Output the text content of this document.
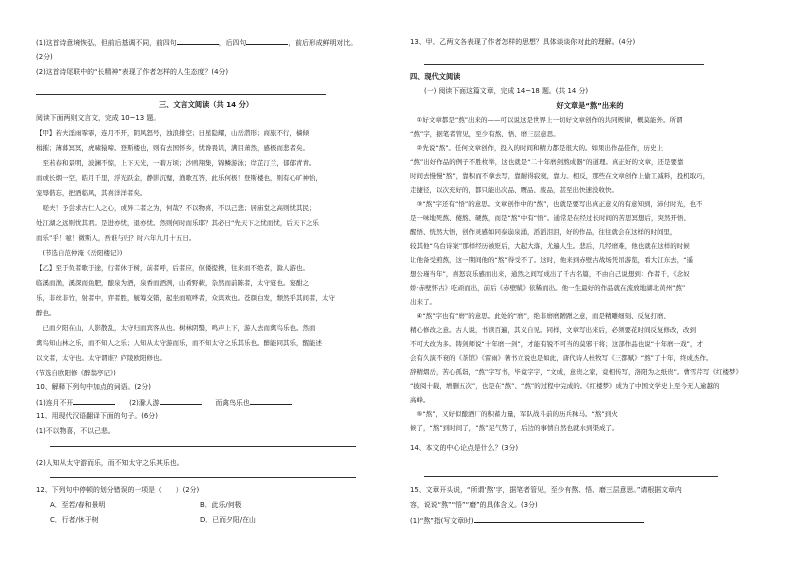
(1)这首诗意境恢弘，但前后基调不同，前四句	，后四句	，前后形成鲜明对比。
(2分)
(2)这首诗尾联中的“长精神”表现了作者怎样的人生态度？(4分)
三、文言文阅读（共 14 分）
阅读下面两则文言文，完成 10~13 题。
【甲】若夫淫雨霏霏，连月不开，阴风怒号，浊浪排空；日星隐耀，山岳潜形；商旅不行，樯倾
楫摧；薄暮冥冥，虎啸猿啼。登斯楼也，则有去国怀乡，忧谗畏讥，满目萧然，感极而悲者矣。
　至若春和景明，波澜不惊，上下天光，一碧万顷；沙鸥翔集，锦鳞游泳；岸芷汀兰，郁郁青青。
而或长烟一空，皓月千里，浮光跃金，静影沉璧，渔歌互答，此乐何极！登斯楼也，则有心旷神怡，
宠辱偕忘，把酒临风，其喜洋洋者矣。
　嗟夫！予尝求古仁人之心，或异二者之为，何哉？不以物喜，不以己悲；居庙堂之高则忧其民；
处江湖之远则忧其君。是进亦忧，退亦忧。然则何时而乐耶？其必曰“先天下之忧而忧，后天下之乐
而乐”乎！噫！微斯人，吾谁与归？时六年九月十五日。
　(节选自范仲淹《岳阳楼记》)
【乙】至于负者歌于途，行者休于树，前者呼，后者应，伛偻提携，往来而不绝者，滁人游也。
临溪而渔，溪深而鱼肥，酿泉为酒，泉香而酒洌，山肴野蔌，杂然而前陈者，太守宴也。宴酣之
乐，非丝非竹，射者中，弈者胜，觥筹交错，起坐而喧哗者，众宾欢也。苍颜白发，颓然乎其间者，太守
醉也。
　已而夕阳在山，人影散乱，太守归而宾客从也。树林阴翳，鸣声上下，游人去而禽鸟乐也。然而
禽鸟知山林之乐，而不知人之乐；人知从太守游而乐，而不知太守之乐其乐也。醉能同其乐，醒能述
以文者，太守也。太守谓谁？庐陵欧阳修也。
(节选自欧阳修《醉翁亭记》)
10、解释下列句中加点的词语。(2分)
(1)连月不开　　	(2)滁人游	　　而禽鸟乐也
11、用现代汉语翻译下面的句子。(6分)
(1)不以物喜，不以己悲。
(2)人知从太守游而乐，而不知太守之乐其乐也。
12、下列句中停顿的划分错误的一项是（　　）(2分)
A．至若/春和景明	B．此乐/何极
C．行者/休于树	D．已而夕阳/在山
13、甲、乙两文各表现了作者怎样的思想？具体谈谈你对此的理解。(4分)
四、现代文阅读
(一) 阅读下面这篇文章，完成 14~18 题。(共 14 分)
好文章是“熬”出来的
　①好文章都是“熬”出来的——可以说这是世界上一切好文章创作的共同规律，概莫能外。所谓
“熬”字，据笔者管见，至少有熬、悟、磨三层意思。
　②先说“熬”。任何文章创作，投入的时间和精力都是很大的。如果出作品佳作，历史上
“熬”出好作品的例子不胜枚举，这也就是“二十年磨剑熬成器”的道理。真正好的文章，还是要靠
时间去慢慢“熬”，靠积而不拿去写，靠耐得寂寞，靠力。相反，那些在文章创作上偷工减料，投机取巧，
走捷径，以次充好的，都只能出次品、赝品、废品，甚至出快速没收快。
　③“熬”字还有“悟”的意思。文章创作中的“熬”，也就是要写出真正意义的有意知到，沛付时光，也不
是一味地死熬、傻熬、硬熬，而是“熬”中有“悟”。通常是在经过长时间的苦思冥想后，突然开悟、
醒悟、恍然大悟，创作灵感如同泰崩泉涌，滔滔泪泪，好的作品，往往就会在这样的时间里，
较其他“乌台诗案”那样经历被贬后，大起大落，尤遍人生。悲后，几经磨难，他也就在这样的时候
让他备受煎熬，这一期间他的“熬”得受不了。这时，他来到赤壁古战场凭吊游览，看大江东去，“遥
想公瑾当年”，喜怒哀乐感而出来，通然之间写成出了千古名篇，不由自己说想到：作者千，《念奴
娇·赤壁怀古》吃顽而出，前后《赤壁赋》依稀而出。他一生最好的作品就在流放地湖北黄州“熬”
出来了。
　④“熬”字也有“磨”的意思。此处的“磨”，绝非磨磨蹭蹭之意，而是精雕细刻、反复打磨、
精心修改之意。古人说，书读百遍，其义自见。同样，文章写出来后，必须要花时间反复修改，改到
不可大改为多。铸剑师说“十年磨一剑”，才能有锐不可当的莫邪干将；这部作品也说“十年磨一戏”，才
会有久演不衰的《茶馆》《雷雨》著书立说也是如此，唐代诗人杜牧写《三都赋》“熬”了十年，终成杰作。
辞精熠岳，苦心孤诣，“熬”字写书，毕竟字宇，“文成，意贵之家，竟相传写，洛阳为之纸贵”。曹雪芹写《红楼梦》
“披阅十载，增删五次”，也是在“熬”、“熬”的过程中完成的。《红楼梦》成为了中国文学史上至今无人逾越的
高峰。
　⑤“熬”，又好似酿酒厂的积蓄力量，军队战斗前的历兵秣马。“熬”到火
候了，“熬”到时间了，“熬”足气势了，后边的事情自然也就水到渠成了。
14、本文的中心论点是什么？(3分)
15、文章开头说，“所谓‘熬’字，据笔者管见，至少有熬、悟、磨三层意思。”请根据文章内
容，说说“熬”“悟”“磨”的具体含义。(3分)
(1)“熬”指(写文章时)
